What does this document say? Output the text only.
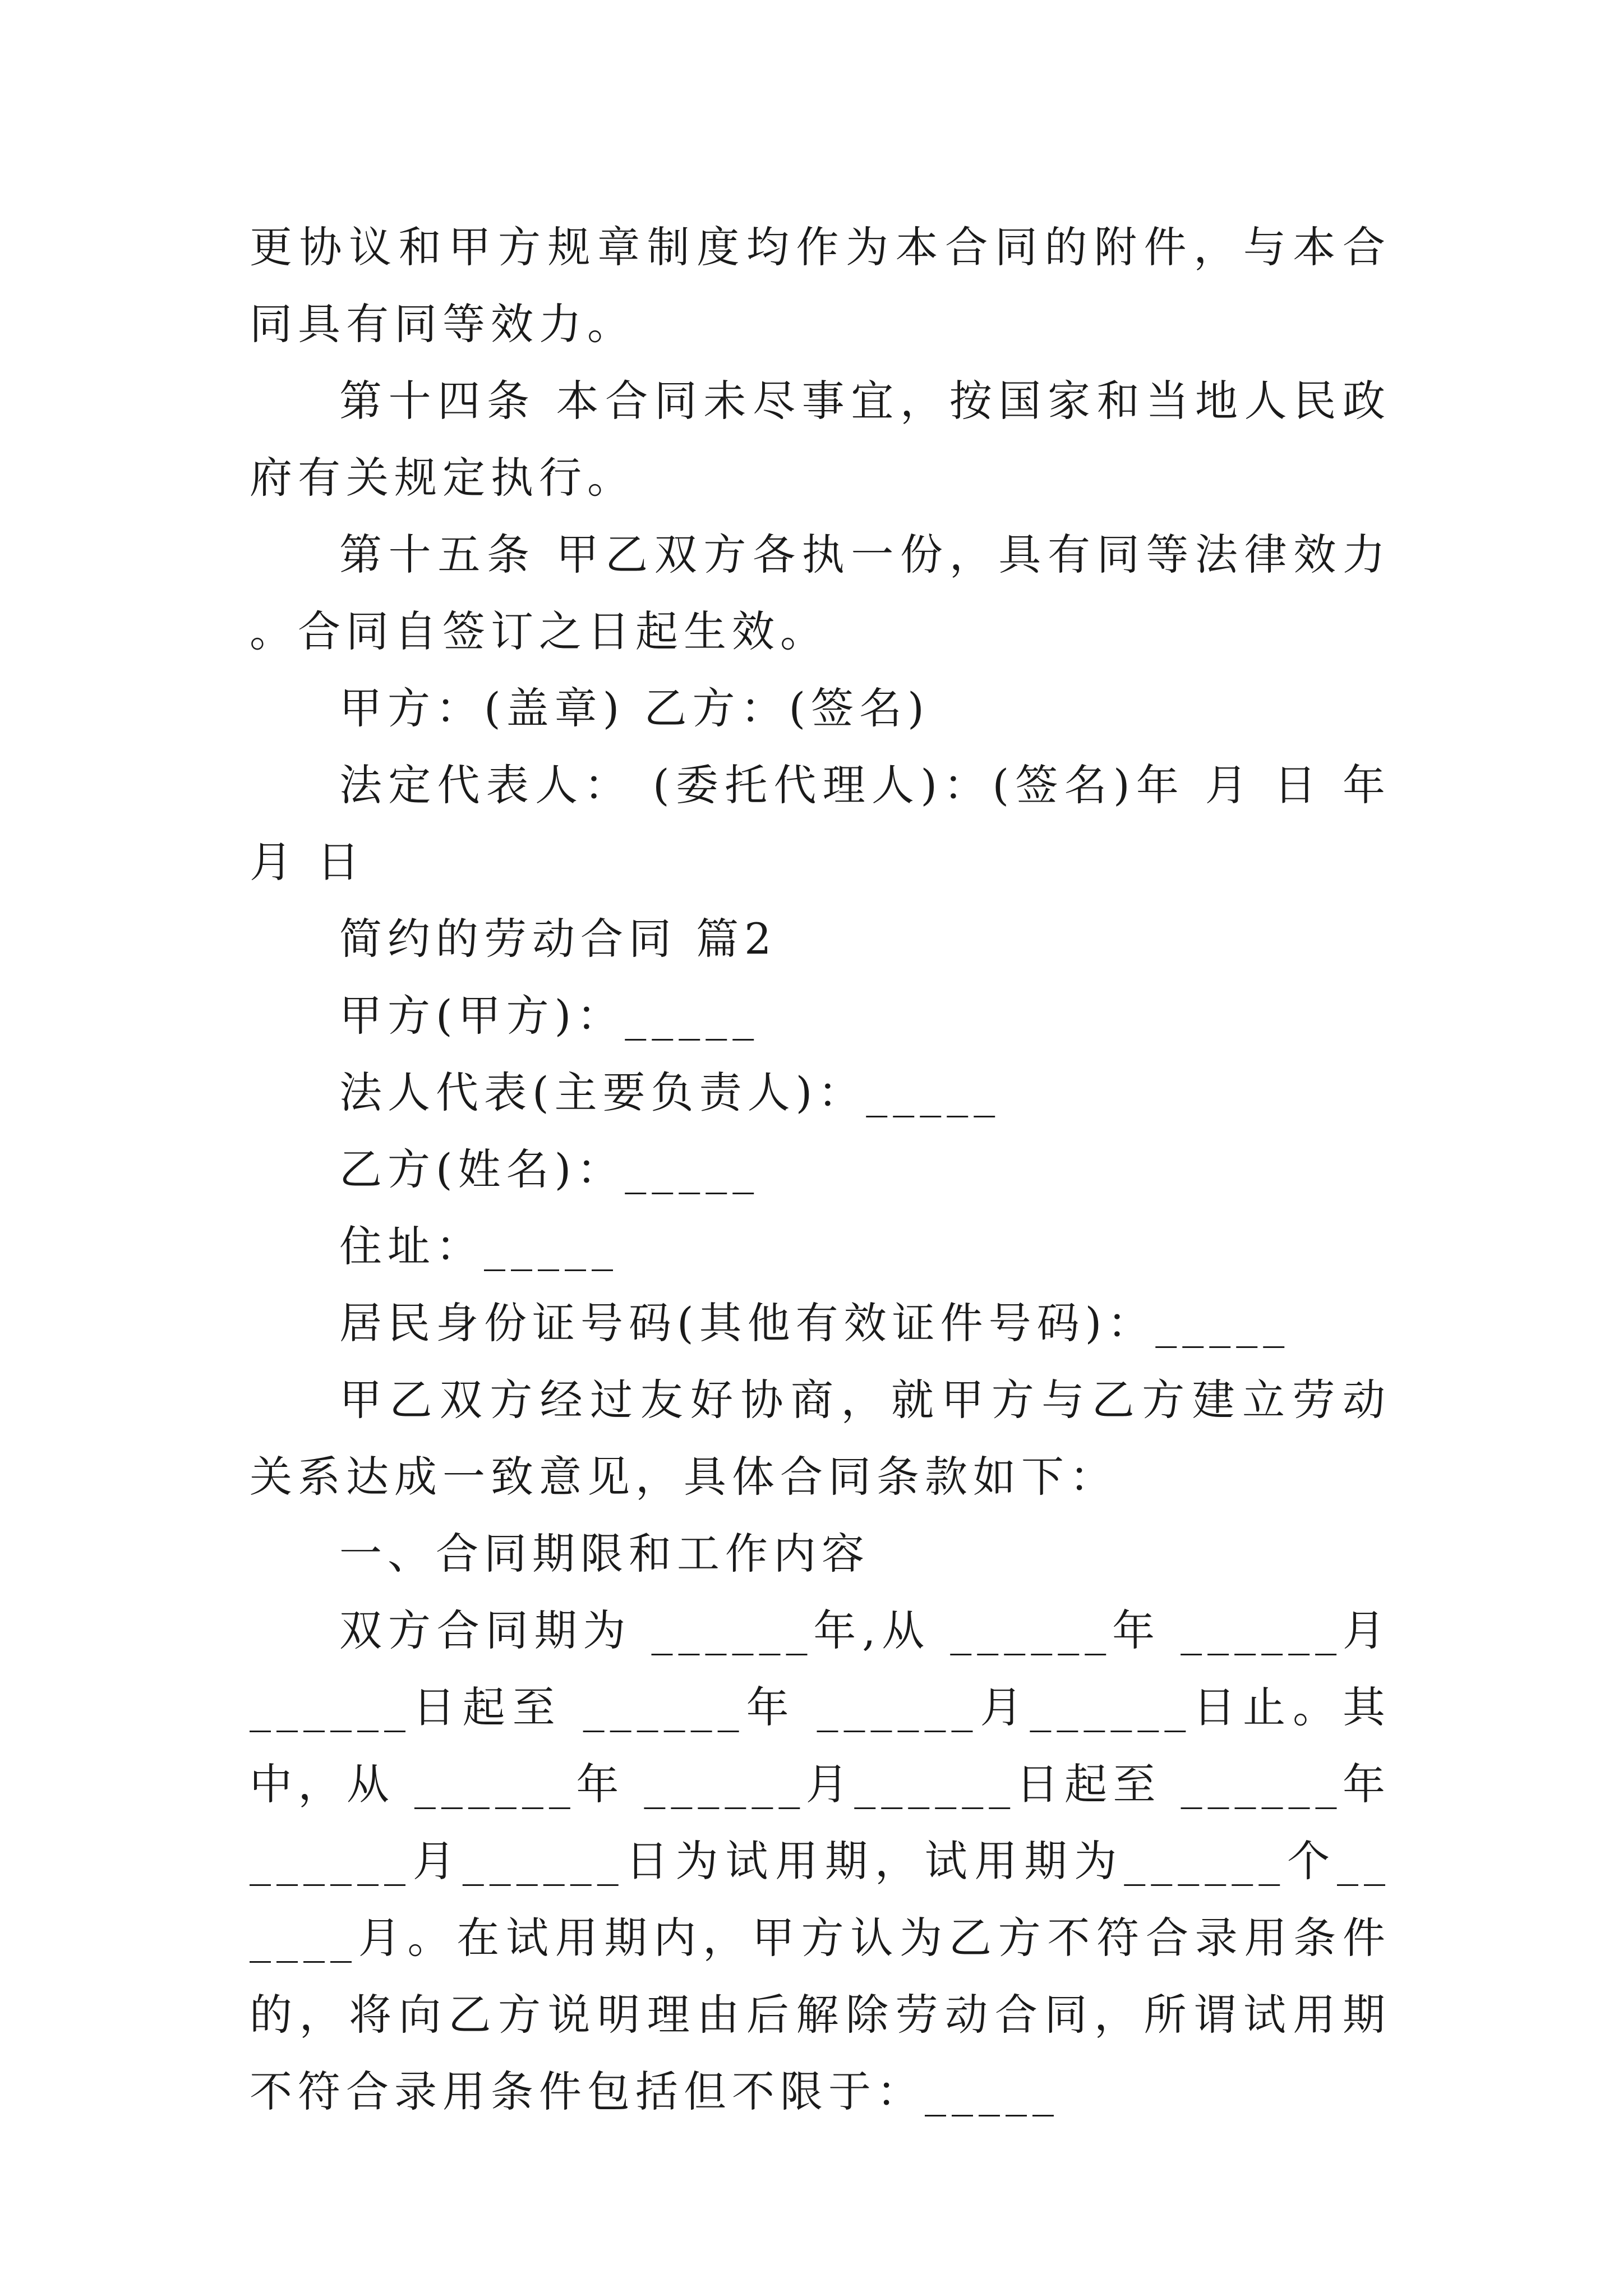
更协议和甲方规章制度均作为本合同的附件，与本合同具有同等效力。

第十四条 本合同未尽事宜，按国家和当地人民政府有关规定执行。

第十五条 甲乙双方各执一份，具有同等法律效力。合同自签订之日起生效。

甲方：(盖章) 乙方：(签名)

法定代表人： (委托代理人)：(签名)年 月 日 年 月 日

简约的劳动合同 篇2

甲方(甲方)：_____

法人代表(主要负责人)：_____

乙方(姓名)：_____

住址：_____

居民身份证号码(其他有效证件号码)：_____

甲乙双方经过友好协商，就甲方与乙方建立劳动关系达成一致意见，具体合同条款如下：

一、合同期限和工作内容

双方合同期为 ______年,从 ______年 ______月______日起至 ______年 ______月______日止。其中，从 ______年 ______月______日起至 ______年 ______月______日为试用期，试用期为______个______月。在试用期内，甲方认为乙方不符合录用条件的，将向乙方说明理由后解除劳动合同，所谓试用期不符合录用条件包括但不限于：_____
